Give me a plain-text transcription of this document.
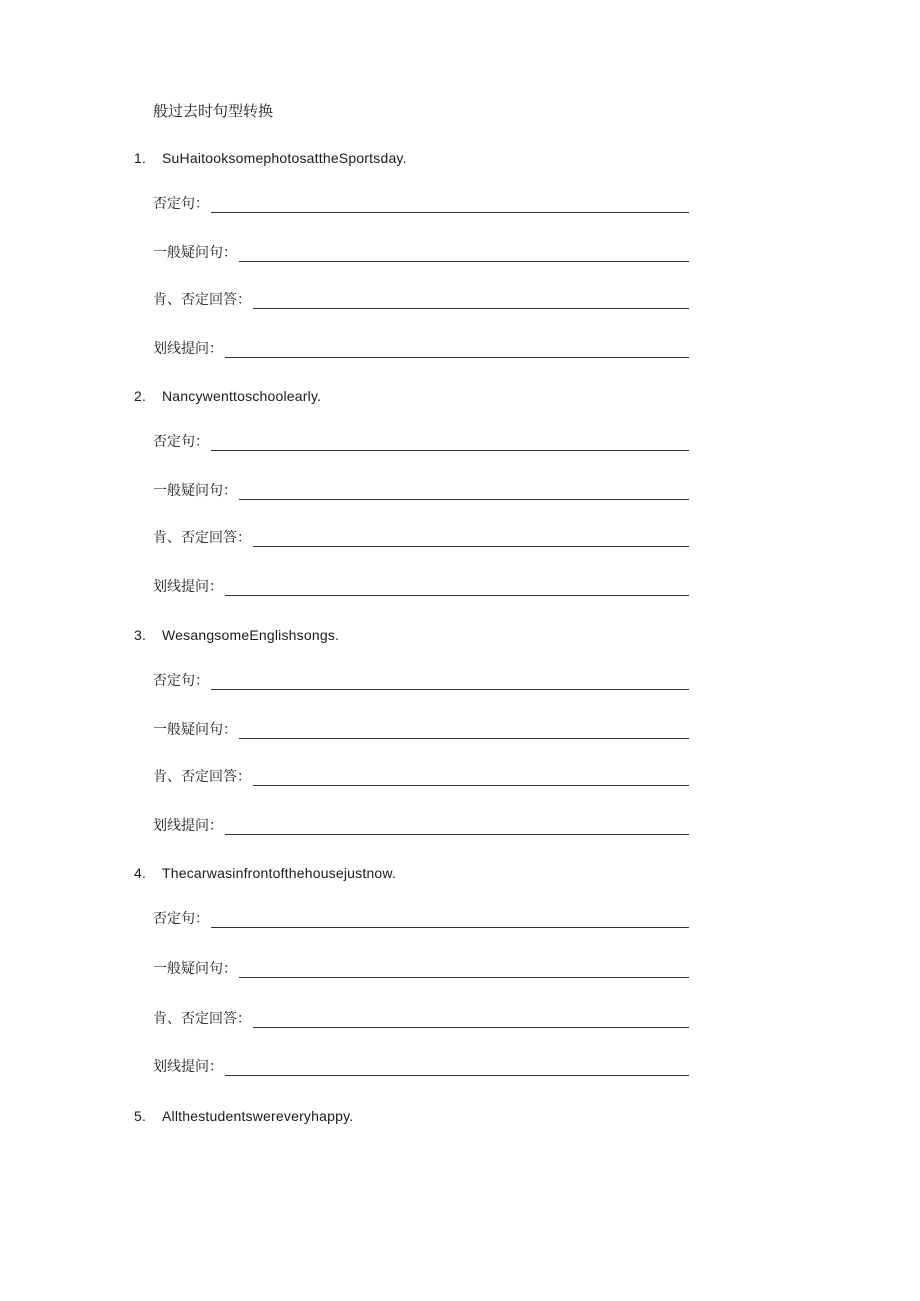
般过去时句型转换
1. SuHaitooksomephotosattheSportsday.
否定句：
一般疑问句：
肯、否定回答：
划线提问：
2. Nancywenttoschoolearly.
否定句：
一般疑问句：
肯、否定回答：
划线提问：
3. WesangsomeEnglishsongs.
否定句：
一般疑问句：
肯、否定回答：
划线提问：
4. Thecarwasinfrontofthehousejustnow.
否定句：
一般疑问句：
肯、否定回答：
划线提问：
5. Allthestudentswereveryhappy.
